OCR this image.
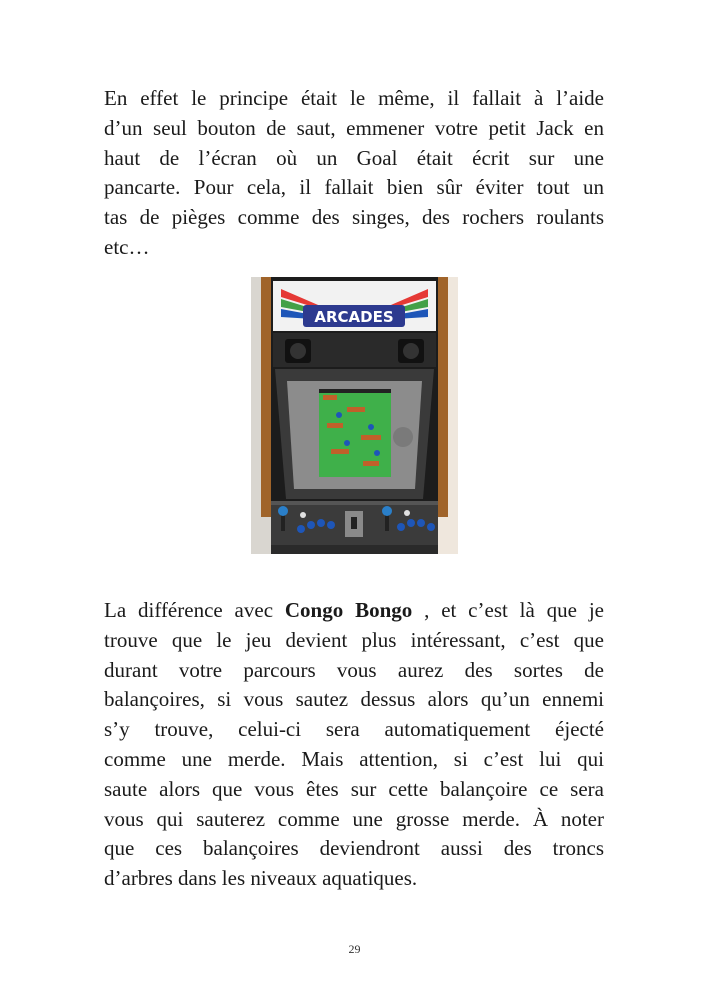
En effet le principe était le même, il fallait à l’aide
d’un seul bouton de saut, emmener votre petit Jack en
haut de l’écran où un Goal était écrit sur une
pancarte. Pour cela, il fallait bien sûr éviter tout un
tas de pièges comme des singes, des rochers roulants
etc…

ARCADES

La différence avec Congo Bongo , et c’est là que je
trouve que le jeu devient plus intéressant, c’est que
durant votre parcours vous aurez des sortes de
balançoires, si vous sautez dessus alors qu’un ennemi
s’y trouve, celui-ci sera automatiquement éjecté
comme une merde. Mais attention, si c’est lui qui
saute alors que vous êtes sur cette balançoire ce sera
vous qui sauterez comme une grosse merde. À noter
que ces balançoires deviendront aussi des troncs
d’arbres dans les niveaux aquatiques.

29
